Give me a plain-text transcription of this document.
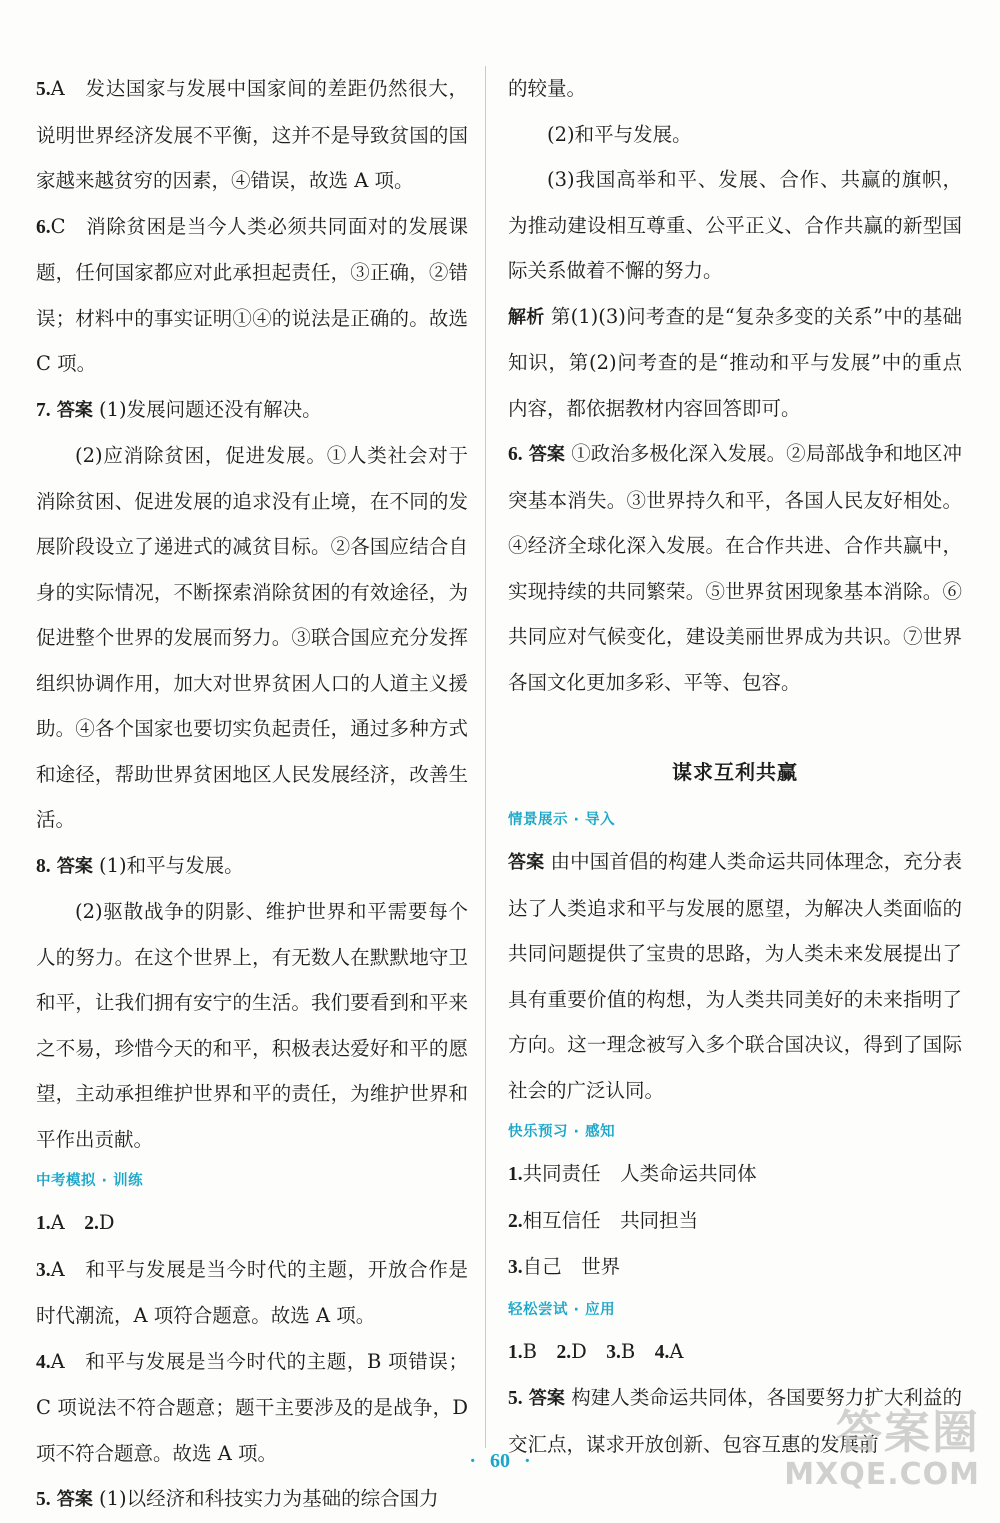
5.A　发达国家与发展中国家间的差距仍然很大，说明世界经济发展不平衡，这并不是导致贫国的国家越来越贫穷的因素，④错误，故选 A 项。

6.C　消除贫困是当今人类必须共同面对的发展课题，任何国家都应对此承担起责任，③正确，②错误；材料中的事实证明①④的说法是正确的。故选 C 项。

7. 答案 (1)发展问题还没有解决。

(2)应消除贫困，促进发展。①人类社会对于消除贫困、促进发展的追求没有止境，在不同的发展阶段设立了递进式的减贫目标。②各国应结合自身的实际情况，不断探索消除贫困的有效途径，为促进整个世界的发展而努力。③联合国应充分发挥组织协调作用，加大对世界贫困人口的人道主义援助。④各个国家也要切实负起责任，通过多种方式和途径，帮助世界贫困地区人民发展经济，改善生活。

8. 答案 (1)和平与发展。

(2)驱散战争的阴影、维护世界和平需要每个人的努力。在这个世界上，有无数人在默默地守卫和平，让我们拥有安宁的生活。我们要看到和平来之不易，珍惜今天的和平，积极表达爱好和平的愿望，主动承担维护世界和平的责任，为维护世界和平作出贡献。

中考模拟 · 训练

1.A　 2.D

3.A　和平与发展是当今时代的主题，开放合作是时代潮流，A 项符合题意。故选 A 项。

4.A　和平与发展是当今时代的主题，B 项错误；C 项说法不符合题意；题干主要涉及的是战争，D 项不符合题意。故选 A 项。

5. 答案 (1)以经济和科技实力为基础的综合国力

的较量。

(2)和平与发展。

(3)我国高举和平、发展、合作、共赢的旗帜，为推动建设相互尊重、公平正义、合作共赢的新型国际关系做着不懈的努力。

解析 第(1)(3)问考查的是“复杂多变的关系”中的基础知识，第(2)问考查的是“推动和平与发展”中的重点内容，都依据教材内容回答即可。

6. 答案 ①政治多极化深入发展。②局部战争和地区冲突基本消失。③世界持久和平，各国人民友好相处。④经济全球化深入发展。在合作共进、合作共赢中，实现持续的共同繁荣。⑤世界贫困现象基本消除。⑥共同应对气候变化，建设美丽世界成为共识。⑦世界各国文化更加多彩、平等、包容。

谋求互利共赢
情景展示 · 导入

答案 由中国首倡的构建人类命运共同体理念，充分表达了人类追求和平与发展的愿望，为解决人类面临的共同问题提供了宝贵的思路，为人类未来发展提出了具有重要价值的构想，为人类共同美好的未来指明了方向。这一理念被写入多个联合国决议，得到了国际社会的广泛认同。

快乐预习 · 感知

1.共同责任　人类命运共同体

2.相互信任　共同担当

3.自己　世界

轻松尝试 · 应用

1.B　 2.D　 3.B　 4.A

5. 答案 构建人类命运共同体，各国要努力扩大利益的交汇点，谋求开放创新、包容互惠的发展前

· 60 ·
答案圈
MXQE.COM
